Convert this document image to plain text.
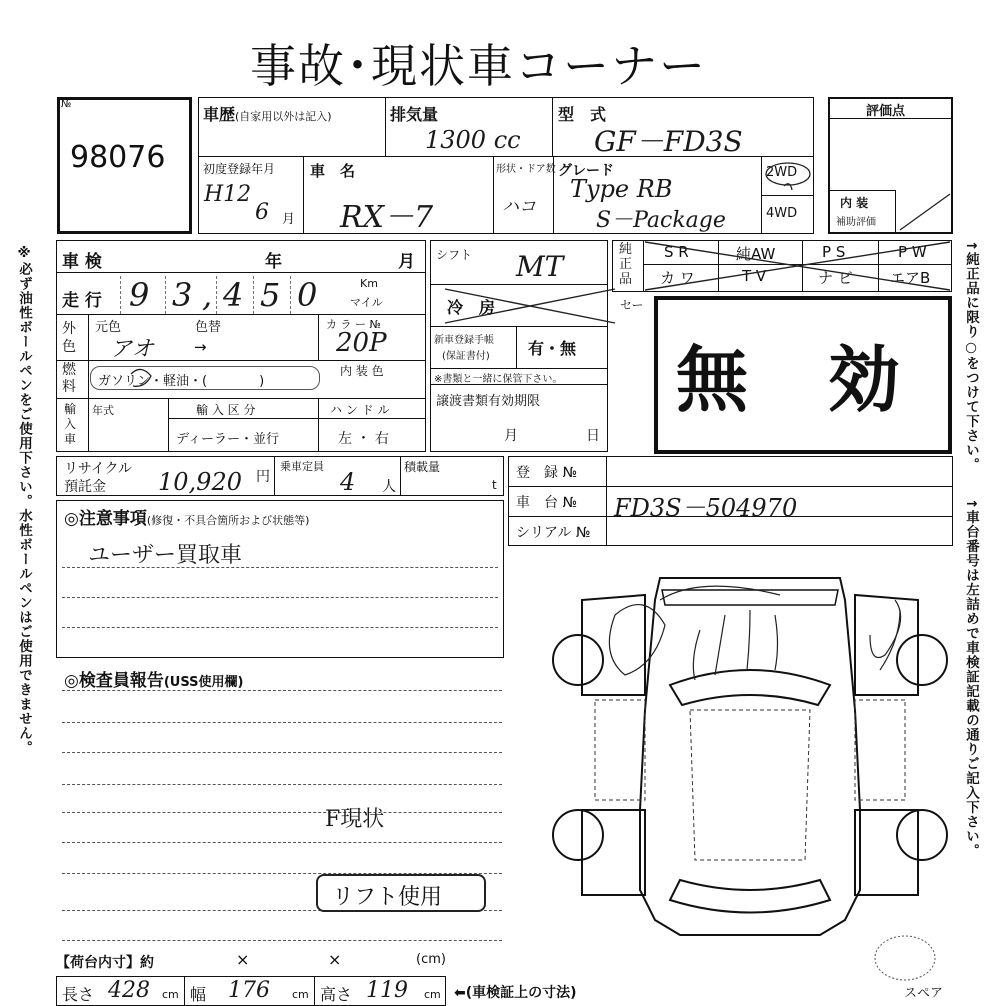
事故･現状車コーナー
※必ず油性ボールペンをご使用下さい。水性ボールペンはご使用できません。	↑純正品に限り○をつけて下さい。
↑車台番号は左詰めで車検証記載の通りご記入下さい。
№
98076
車歴(自家用以外は記入)	排気量
1300 cc
型　式
GF－FD3S
初度登録年月
H12
6 月
車　名
RX－7
形状・ドア数
ハコ
グレード
Type RB
S－Package
2WD
4WD
評価点
内 装
補助評価
車 検	年	月
走 行 9 3 , 4 5 0	Km
マイル
外色
元色	色替
アオ	→
カ ラ ー №
20P
燃料	ガソリン・軽油・(　　　　)
内 装 色
輸入車
年式	輸 入 区 分
ディーラー・並行
ハ ン ド ル
左 ・ 右
シフト MT
冷　房
新車登録手帳
(保証書付) 有・無
※書類と一緒に保管下さい。
譲渡書類有効期限
月	日
純正品
S R	純AW	P S	P W
カ ワ	T V	ナ ビ エアB
セー
無　効
リサイクル
預託金 10,920 円
乗車定員
4 人
積載量
t
登　録 №
車　台 № FD3S－504970
シリアル №
◎注意事項(修復・不具合箇所および状態等)
ユーザー買取車
◎検査員報告(USS使用欄)
F現状
リフト使用
【荷台内寸】約	×	×	(cm)
長さ 428 cm 幅 176 cm 高さ 119 cm ⬅(車検証上の寸法)	スペア
